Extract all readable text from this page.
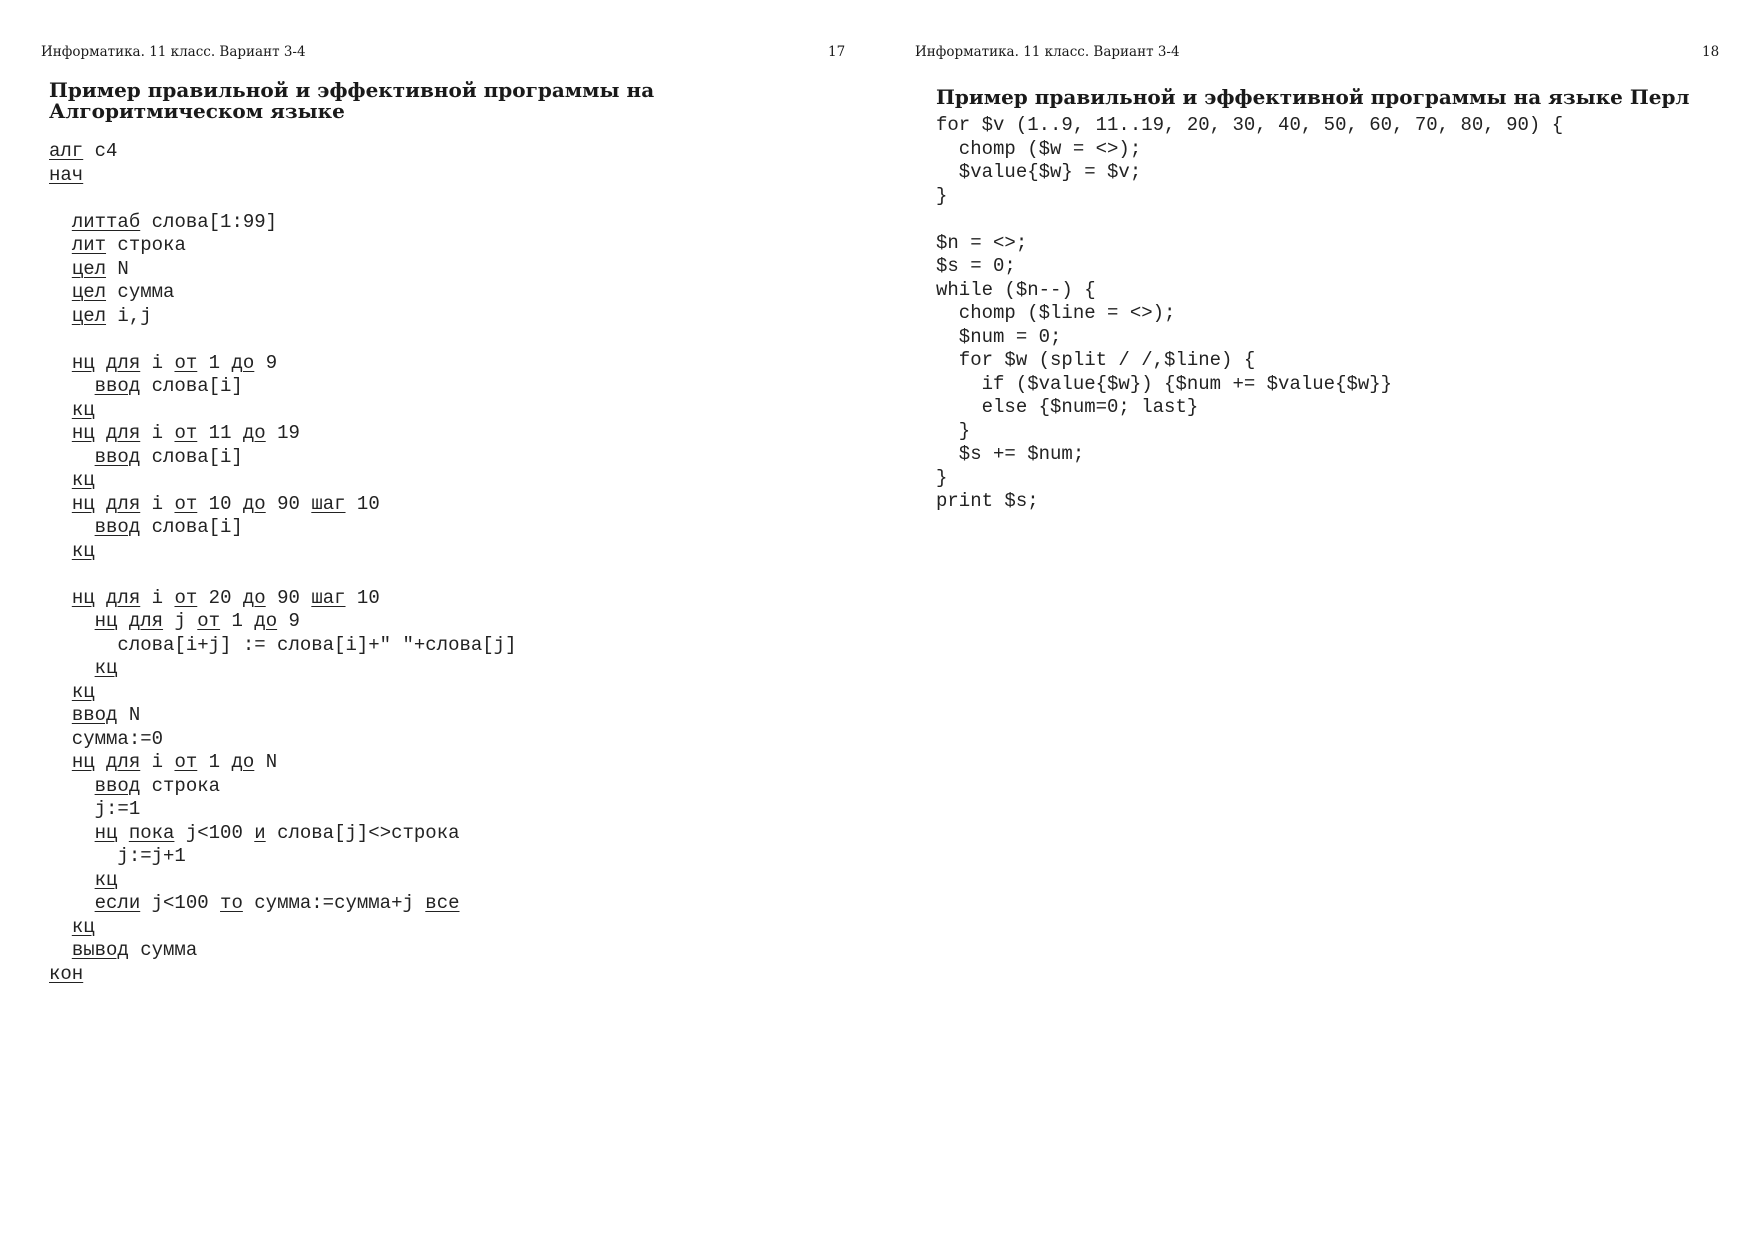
Информатика. 11 класс. Вариант 3-4	17
Пример правильной и эффективной программы на Алгоритмическом языке
алг с4
нач
литтаб слова[1:99]
лит строка
цел N
цел сумма
цел i,j
нц для i от 1 до 9
ввод слова[i]
кц
нц для i от 11 до 19
ввод слова[i]
кц
нц для i от 10 до 90 шаг 10
ввод слова[i]
кц
нц для i от 20 до 90 шаг 10
нц для j от 1 до 9
слова[i+j] := слова[i]+" "+слова[j]
кц
кц
ввод N
сумма:=0
нц для i от 1 до N
ввод строка
j:=1
нц пока j<100 и слова[j]<>строка
j:=j+1
кц
если j<100 то сумма:=сумма+j все
кц
вывод сумма
кон
Информатика. 11 класс. Вариант 3-4	18
Пример правильной и эффективной программы на языке Перл
for $v (1..9, 11..19, 20, 30, 40, 50, 60, 70, 80, 90) {
chomp ($w = <>);
$value{$w} = $v;
}
$n = <>;
$s = 0;
while ($n--) {
chomp ($line = <>);
$num = 0;
for $w (split / /,$line) {
if ($value{$w}) {$num += $value{$w}}
else {$num=0; last}
}
$s += $num;
}
print $s;
